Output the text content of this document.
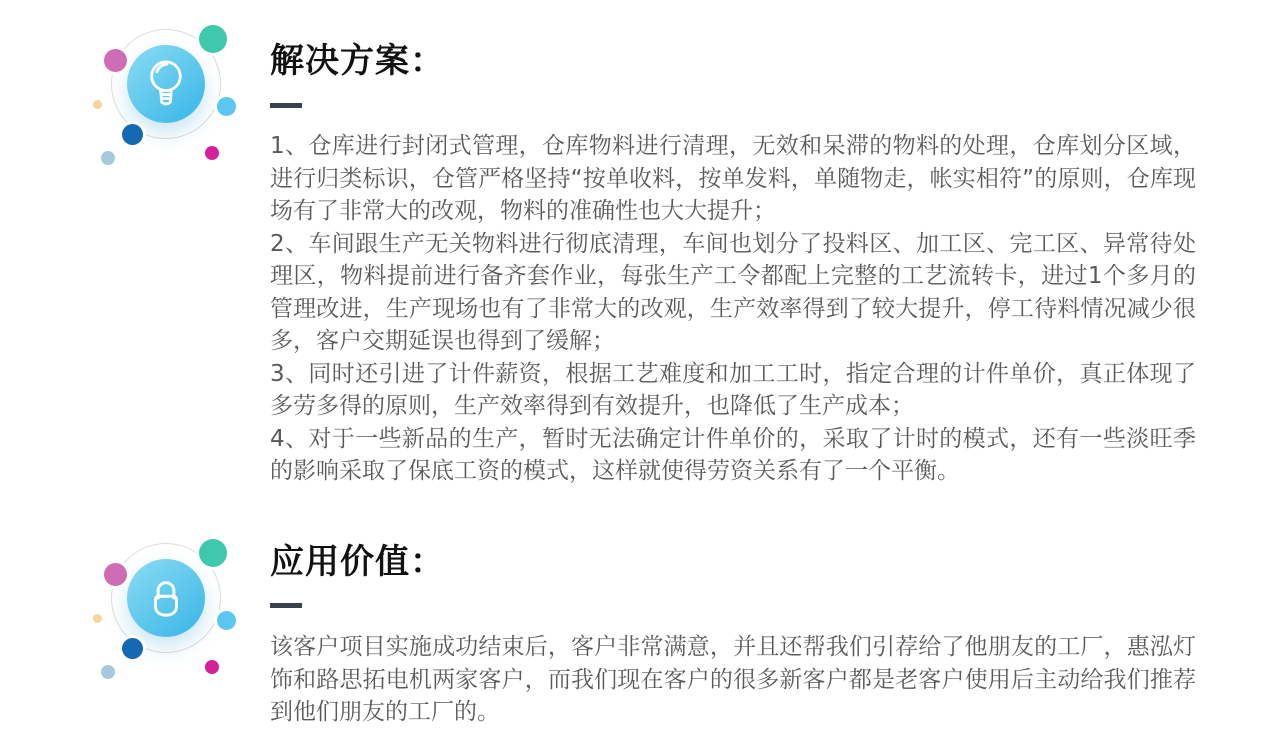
解决方案：

1、仓库进行封闭式管理，仓库物料进行清理，无效和呆滞的物料的处理，仓库划分区域，进行归类标识，仓管严格坚持“按单收料，按单发料，单随物走，帐实相符”的原则，仓库现场有了非常大的改观，物料的准确性也大大提升；

2、车间跟生产无关物料进行彻底清理，车间也划分了投料区、加工区、完工区、异常待处理区，物料提前进行备齐套作业，每张生产工令都配上完整的工艺流转卡，进过1个多月的管理改进，生产现场也有了非常大的改观，生产效率得到了较大提升，停工待料情况减少很多，客户交期延误也得到了缓解；

3、同时还引进了计件薪资，根据工艺难度和加工工时，指定合理的计件单价，真正体现了多劳多得的原则，生产效率得到有效提升，也降低了生产成本；

4、对于一些新品的生产，暂时无法确定计件单价的，采取了计时的模式，还有一些淡旺季的影响采取了保底工资的模式，这样就使得劳资关系有了一个平衡。

应用价值：

该客户项目实施成功结束后，客户非常满意，并且还帮我们引荐给了他朋友的工厂，惠泓灯饰和路思拓电机两家客户，而我们现在客户的很多新客户都是老客户使用后主动给我们推荐到他们朋友的工厂的。
